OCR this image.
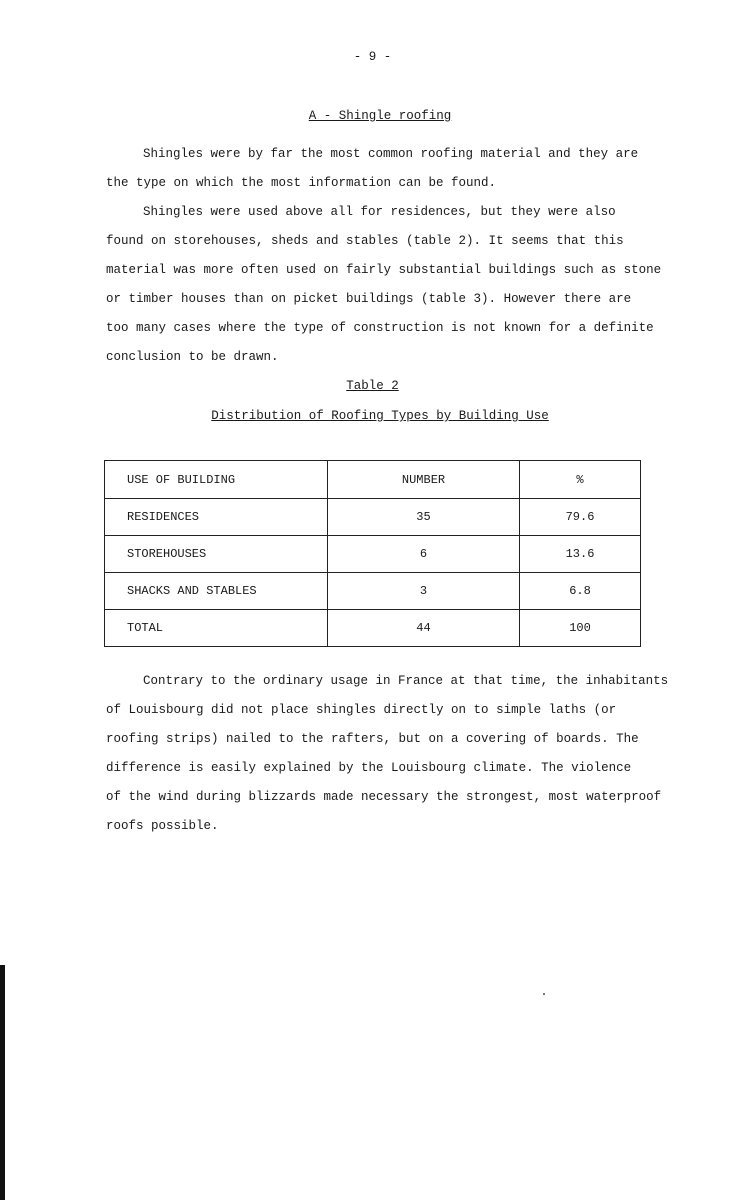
- 9 -
A - Shingle roofing

Shingles were by far the most common roofing material and they are
the type on which the most information can be found.

Shingles were used above all for residences, but they were also
found on storehouses, sheds and stables (table 2). It seems that this
material was more often used on fairly substantial buildings such as stone
or timber houses than on picket buildings (table 3). However there are
too many cases where the type of construction is not known for a definite
conclusion to be drawn.

Table 2
Distribution of Roofing Types by Building Use
USE OF BUILDING	NUMBER	%
RESIDENCES	35	79.6
STOREHOUSES	6	13.6
SHACKS AND STABLES	3	6.8
TOTAL	44	100

Contrary to the ordinary usage in France at that time, the inhabitants
of Louisbourg did not place shingles directly on to simple laths (or
roofing strips) nailed to the rafters, but on a covering of boards. The
difference is easily explained by the Louisbourg climate. The violence
of the wind during blizzards made necessary the strongest, most waterproof
roofs possible.
